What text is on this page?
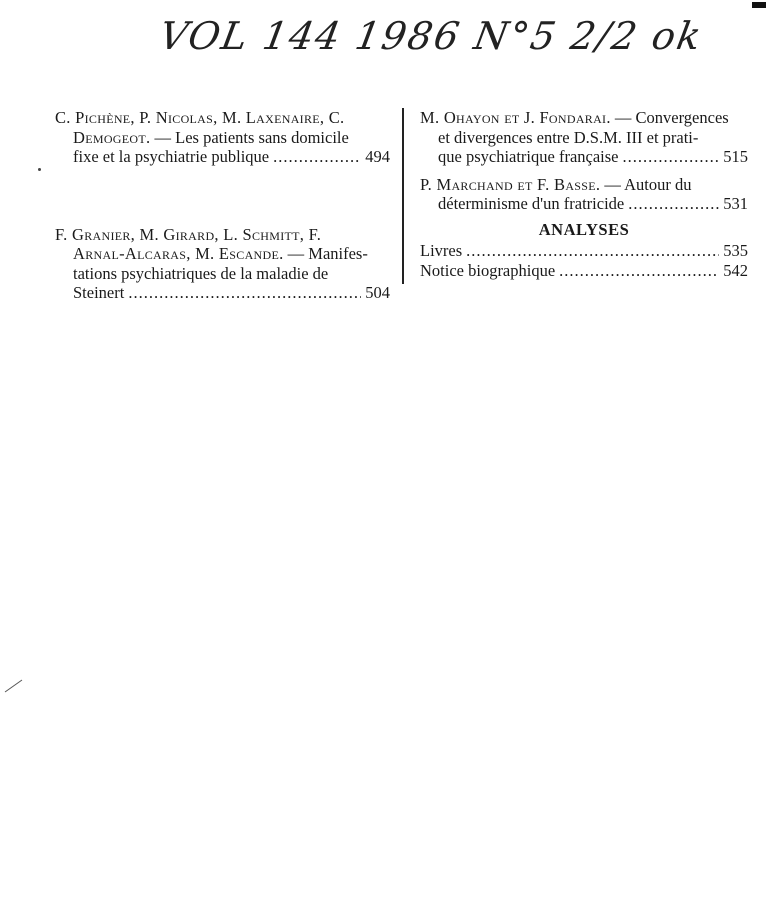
VOL 144 1986 N°5 2/2 ok
C. Pichène, P. Nicolas, M. Laxenaire, C.
Demogeot. — Les patients sans domicile
fixe et la psychiatrie publique .....	494
F. Granier, M. Girard, L. Schmitt, F.
Arnal-Alcaras, M. Escande. — Manifes-
tations psychiatriques de la maladie de
Steinert .....	504
M. Ohayon et J. Fondarai. — Convergences
et divergences entre D.S.M. III et prati-
que psychiatrique française .....	515
P. Marchand et F. Basse. — Autour du
déterminisme d'un fratricide .....	531
ANALYSES
Livres .....	535
Notice biographique .....	542
